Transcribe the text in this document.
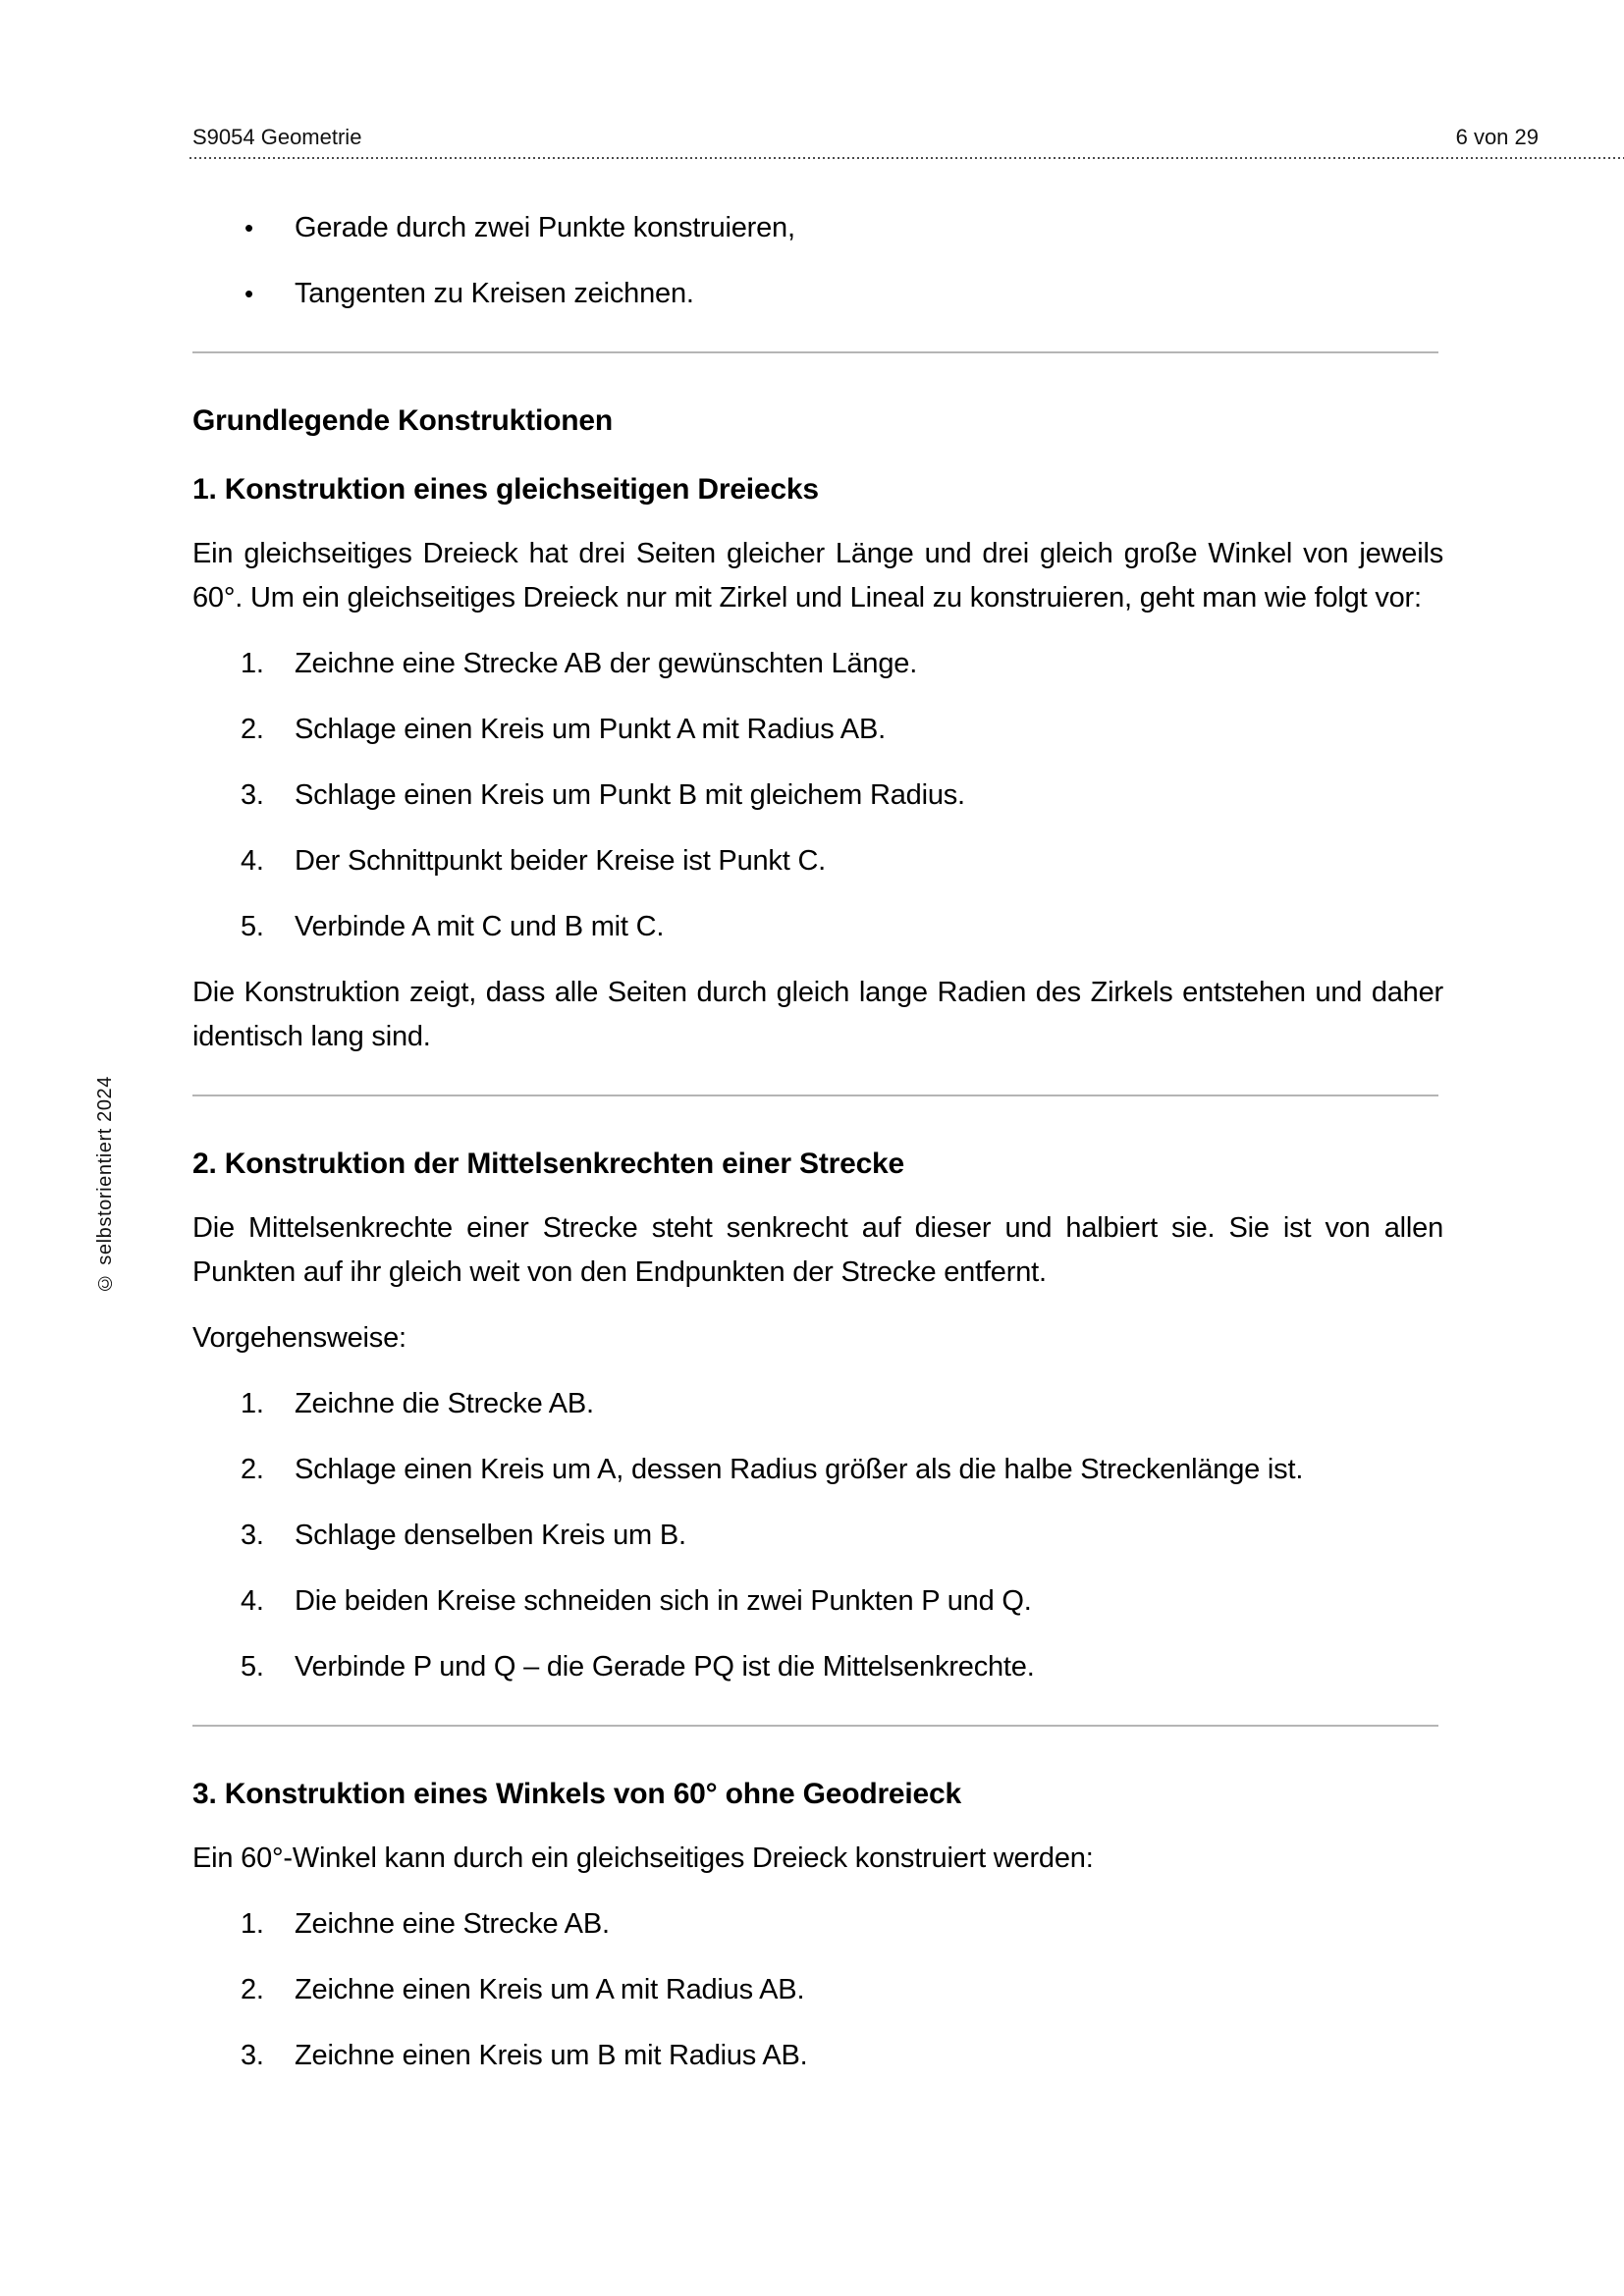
S9054 Geometrie	6 von 29
© selbstorientiert 2024
• Gerade durch zwei Punkte konstruieren,
• Tangenten zu Kreisen zeichnen.
Grundlegende Konstruktionen
1. Konstruktion eines gleichseitigen Dreiecks

Ein gleichseitiges Dreieck hat drei Seiten gleicher Länge und drei gleich große Winkel von jeweils 60°. Um ein gleichseitiges Dreieck nur mit Zirkel und Lineal zu konstruieren, geht man wie folgt vor:

1. Zeichne eine Strecke AB der gewünschten Länge.
2. Schlage einen Kreis um Punkt A mit Radius AB.
3. Schlage einen Kreis um Punkt B mit gleichem Radius.
4. Der Schnittpunkt beider Kreise ist Punkt C.
5. Verbinde A mit C und B mit C.

Die Konstruktion zeigt, dass alle Seiten durch gleich lange Radien des Zirkels entstehen und daher identisch lang sind.

2. Konstruktion der Mittelsenkrechten einer Strecke

Die Mittelsenkrechte einer Strecke steht senkrecht auf dieser und halbiert sie. Sie ist von allen Punkten auf ihr gleich weit von den Endpunkten der Strecke entfernt.

Vorgehensweise:

1. Zeichne die Strecke AB.
2. Schlage einen Kreis um A, dessen Radius größer als die halbe Streckenlänge ist.
3. Schlage denselben Kreis um B.
4. Die beiden Kreise schneiden sich in zwei Punkten P und Q.
5. Verbinde P und Q – die Gerade PQ ist die Mittelsenkrechte.
3. Konstruktion eines Winkels von 60° ohne Geodreieck

Ein 60°-Winkel kann durch ein gleichseitiges Dreieck konstruiert werden:

1. Zeichne eine Strecke AB.
2. Zeichne einen Kreis um A mit Radius AB.
3. Zeichne einen Kreis um B mit Radius AB.
